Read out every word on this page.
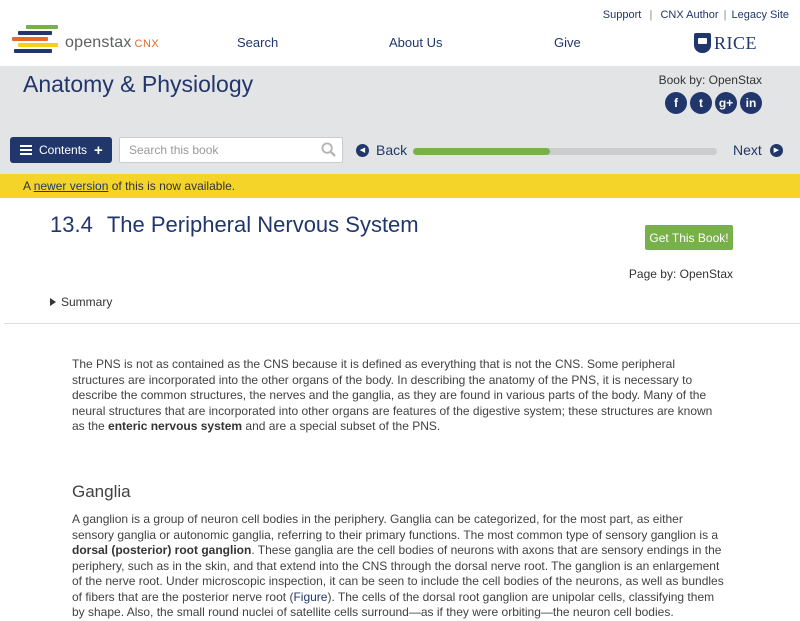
openstax CNX
Support  |  CNX Author | Legacy Site
Search	About Us	Give	RICE
Anatomy & Physiology	Book by: OpenStax
f	t	g+	in
Contents +
Search this book	◀ Back	Next	▶
A newer version of this is now available.
13.4 The Peripheral Nervous System
Get This Book!
Page by: OpenStax
Summary

The PNS is not as contained as the CNS because it is defined as everything that is not the CNS. Some peripheral structures are incorporated into the other organs of the body. In describing the anatomy of the PNS, it is necessary to describe the common structures, the nerves and the ganglia, as they are found in various parts of the body. Many of the neural structures that are incorporated into other organs are features of the digestive system; these structures are known as the enteric nervous system and are a special subset of the PNS.

Ganglia

A ganglion is a group of neuron cell bodies in the periphery. Ganglia can be categorized, for the most part, as either sensory ganglia or autonomic ganglia, referring to their primary functions. The most common type of sensory ganglion is a dorsal (posterior) root ganglion. These ganglia are the cell bodies of neurons with axons that are sensory endings in the periphery, such as in the skin, and that extend into the CNS through the dorsal nerve root. The ganglion is an enlargement of the nerve root. Under microscopic inspection, it can be seen to include the cell bodies of the neurons, as well as bundles of fibers that are the posterior nerve root (Figure). The cells of the dorsal root ganglion are unipolar cells, classifying them by shape. Also, the small round nuclei of satellite cells surround—as if they were orbiting—the neuron cell bodies.
